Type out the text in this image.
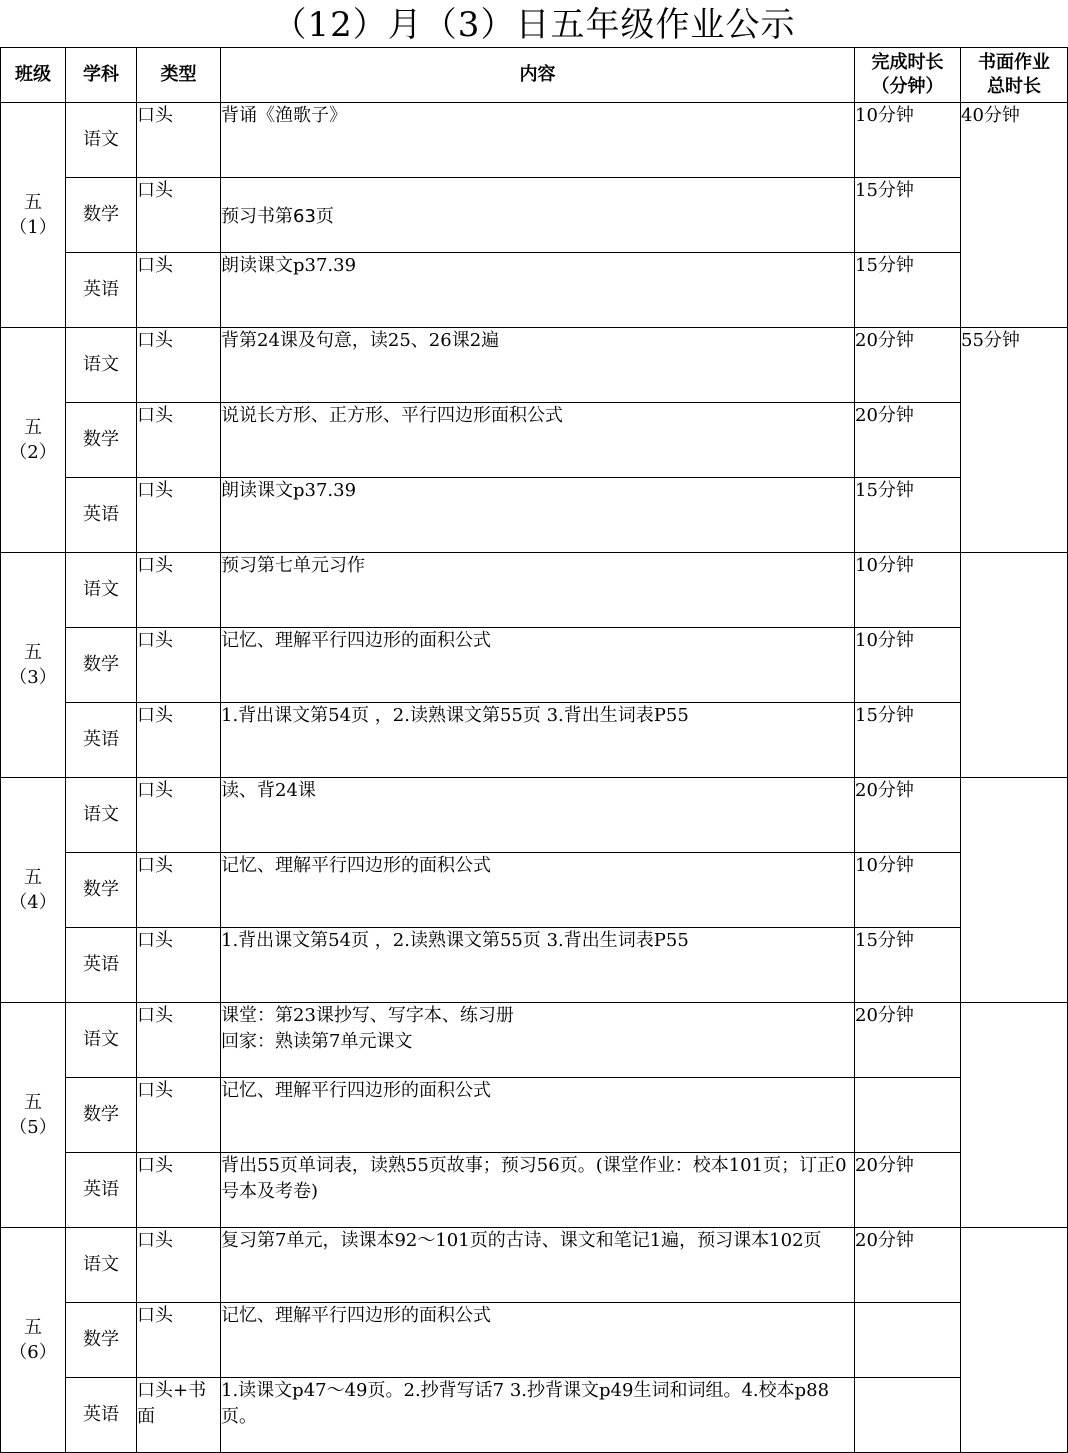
（12）月（3）日五年级作业公示
班级	学科	类型	内容	完成时长
（分钟）	书面作业
总时长

五
（1）	语文	口头	背诵《渔歌子》	10分钟	40分钟
	数学	口头	预习书第63页	15分钟	
	英语	口头	朗读课文p37.39	15分钟	

五
（2）	语文	口头	背第24课及句意，读25、26课2遍	20分钟	55分钟
	数学	口头	说说长方形、正方形、平行四边形面积公式	20分钟	
	英语	口头	朗读课文p37.39	15分钟	

五
（3）	语文	口头	预习第七单元习作	10分钟	
	数学	口头	记忆、理解平行四边形的面积公式	10分钟	
	英语	口头	1.背出课文第54页 ，2.读熟课文第55页 3.背出生词表P55	15分钟	

五
（4）	语文	口头	读、背24课	20分钟	
	数学	口头	记忆、理解平行四边形的面积公式	10分钟	
	英语	口头	1.背出课文第54页 ，2.读熟课文第55页 3.背出生词表P55	15分钟	

五
（5）	语文	口头	课堂：第23课抄写、写字本、练习册
回家：熟读第7单元课文	20分钟	
	数学	口头	记忆、理解平行四边形的面积公式		
	英语	口头	背出55页单词表，读熟55页故事；预习56页。(课堂作业：校本101页；订正0号本及考卷)	20分钟	

五
（6）	语文	口头	复习第7单元，读课本92～101页的古诗、课文和笔记1遍，预习课本102页	20分钟	
	数学	口头	记忆、理解平行四边形的面积公式		
	英语	口头+书面	1.读课文p47～49页。2.抄背写话7 3.抄背课文p49生词和词组。4.校本p88页。		
